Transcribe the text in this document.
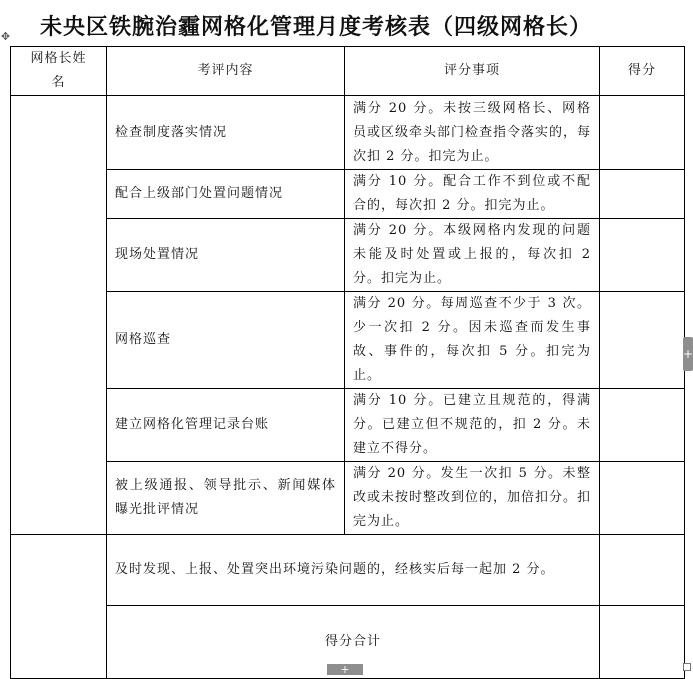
未央区铁腕治霾网格化管理月度考核表（四级网格长）
✥
网格长姓名	考评内容	评分事项	得分
	检查制度落实情况	满分 20 分。未按三级网格长、网格员或区级牵头部门检查指令落实的，每次扣 2 分。扣完为止。	
	配合上级部门处置问题情况	满分 10 分。配合工作不到位或不配合的，每次扣 2 分。扣完为止。	
	现场处置情况	满分 20 分。本级网格内发现的问题未能及时处置或上报的，每次扣 2 分。扣完为止。	
	网格巡查	满分 20 分。每周巡查不少于 3 次。少一次扣 2 分。因未巡查而发生事故、事件的，每次扣 5 分。扣完为止。	
	建立网格化管理记录台账	满分 10 分。已建立且规范的，得满分。已建立但不规范的，扣 2 分。未建立不得分。	
	被上级通报、领导批示、新闻媒体曝光批评情况	满分 20 分。发生一次扣 5 分。未整改或未按时整改到位的，加倍扣分。扣完为止。	
	及时发现、上报、处置突出环境污染问题的，经核实后每一起加 2 分。		
	得分合计		
+
+
